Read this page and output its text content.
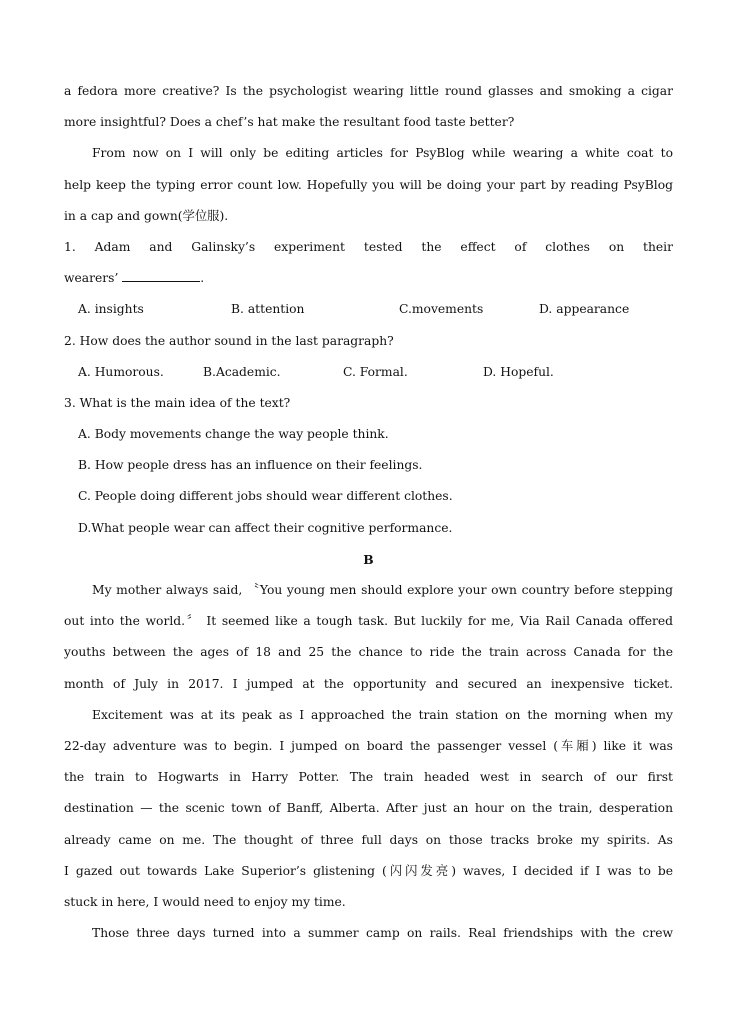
a fedora more creative? Is the psychologist wearing little round glasses and smoking a cigar
more insightful? Does a chef’s hat make the resultant food taste better?
From now on I will only be editing articles for PsyBlog while wearing a white coat to
help keep the typing error count low. Hopefully you will be doing your part by reading PsyBlog
in a cap and gown(学位服).
1. Adam and Galinsky’s experiment tested the effect of clothes on their
wearers’	.
A. insights	B. attention	C.movements	D. appearance
2. How does the author sound in the last paragraph?
A. Humorous.	B.Academic.	C. Formal.	D. Hopeful.
3. What is the main idea of the text?
A. Body movements change the way people think.
B. How people dress has an influence on their feelings.
C. People doing different jobs should wear different clothes.
D.What people wear can affect their cognitive performance.
B
My mother always said, 〝You young men should explore your own country before stepping
out into the world.〞 It seemed like a tough task. But luckily for me, Via Rail Canada offered
youths between the ages of 18 and 25 the chance to ride the train across Canada for the
month of July in 2017. I jumped at the opportunity and secured an inexpensive ticket.
Excitement was at its peak as I approached the train station on the morning when my
22-day adventure was to begin. I jumped on board the passenger vessel (车厢) like it was
the train to Hogwarts in Harry Potter. The train headed west in search of our first
destination — the scenic town of Banff, Alberta. After just an hour on the train, desperation
already came on me. The thought of three full days on those tracks broke my spirits. As
I gazed out towards Lake Superior’s glistening (闪闪发亮) waves, I decided if I was to be
stuck in here, I would need to enjoy my time.
Those three days turned into a summer camp on rails. Real friendships with the crew
